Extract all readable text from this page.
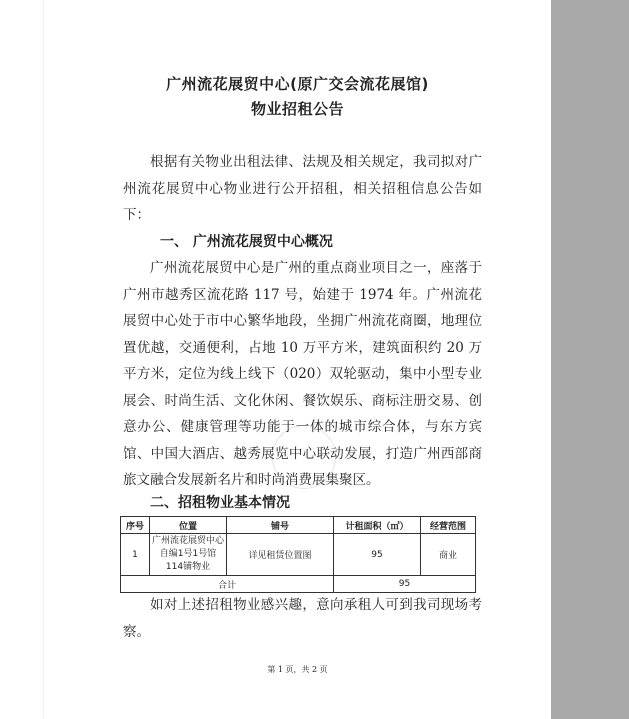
广州流花展贸中心(原广交会流花展馆)
物业招租公告

根据有关物业出租法律、法规及相关规定，我司拟对广州流花展贸中心物业进行公开招租，相关招租信息公告如下：

一、 广州流花展贸中心概况

广州流花展贸中心是广州的重点商业项目之一，座落于广州市越秀区流花路 117 号，始建于 1974 年。广州流花展贸中心处于市中心繁华地段，坐拥广州流花商圈，地理位置优越，交通便利，占地 10 万平方米，建筑面积约 20 万平方米，定位为线上线下（020）双轮驱动，集中小型专业展会、时尚生活、文化休闲、餐饮娱乐、商标注册交易、创意办公、健康管理等功能于一体的城市综合体，与东方宾馆、中国大酒店、越秀展览中心联动发展，打造广州西部商旅文融合发展新名片和时尚消费展集聚区。

二、招租物业基本情况
序号	位置	铺号	计租面积（㎡）	经营范围
1	广州流花展贸中心自编1号1号馆114铺物业	详见租赁位置图	95	商业
合计			95	

如对上述招租物业感兴趣，意向承租人可到我司现场考察。

第 1 页，共 2 页
